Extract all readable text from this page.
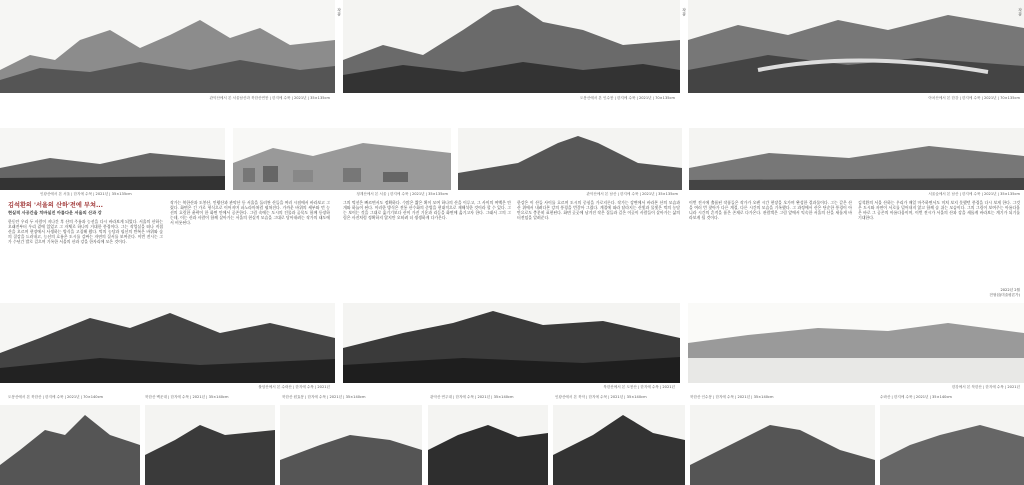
관악산에서 본 서울남산과 북한산연봉 | 한지에 수묵 | 2021년 | 35×135cm	도봉산에서 본 인수봉 | 한지에 수묵 | 2021년 | 70×135cm	아차산에서 본 한강 | 한지에 수묵 | 2021년 | 70×135cm
인왕산에서 본 서울 | 한지에 수묵 | 2021년 | 35×135cm	청계산에서 본 서울 | 한지에 수묵 | 2021년 | 35×135cm	관악산에서 본 남산 | 한지에 수묵 | 2021년 | 35×135cm	서울숲에서 본 남산 | 한지에 수묵 | 2021년 | 35×135cm
김석환의 '서울의 산하'전에 부쳐...
현실적 사공간을 치바실진 아름다운 서울의 산과 강

한동안 우리 두 사람이 지나간 후 산의 주름과 능선을 다시 바라보게 되었다. 서울의 산하는 오래전부터 우리 곁에 있었고 그 자체로 하나의 거대한 풍경이다. 그는 작업실을 떠나 직접 산을 오르며 현장에서 사생하는 방식을 고집해 왔다. 먹의 농담과 필선의 반복은 바위와 숲의 질감을 드러내고, 능선의 흐름은 도시를 감싸는 자연의 질서를 보여준다. 이번 전시는 그가 수년간 발로 걸으며 기록한 서울의 산과 강을 한자리에 모은 것이다.

작가는 북한산과 도봉산, 인왕산과 관악산 등 서울을 둘러싼 산들을 여러 시점에서 바라보고 그렸다. 화면은 긴 가로 형식으로 이어지며 파노라마처럼 펼쳐진다. 가까운 바위의 세부와 먼 능선의 흐릿한 윤곽이 한 화면 안에서 공존한다. 그림 속에는 도시의 건물과 골목도 함께 등장하는데, 이는 산과 사람이 함께 살아가는 서울의 현실적 모습을 그대로 담아내려는 작가의 태도에서 비롯된다.

그의 먹선은 빠르면서도 정확하다. 수많은 짧은 획이 모여 하나의 산을 이루고, 그 사이의 여백은 안개와 하늘이 된다. 이러한 방식은 전통 산수화의 준법을 현대적으로 재해석한 것이라 할 수 있다. 그는 보이는 것을 그대로 옮기기보다 산이 가진 기운과 리듬을 화면에 옮기고자 한다. 그래서 그의 그림은 사진처럼 정확하지 않지만 오히려 더 생생하게 다가온다.

한강은 이 산들 사이를 흐르며 도시의 중심을 가로지른다. 작가는 강변에서 바라본 산의 모습과 산 위에서 내려다본 강의 풍경을 번갈아 그렸다. 계절에 따라 달라지는 산빛과 물빛은 먹의 농담만으로도 충분히 표현된다. 화면 곳곳에 남겨진 작은 집들과 길은 이곳이 사람들이 살아가는 삶의 터전임을 알려준다.

이번 전시에 출품된 작품들은 작가가 오랜 시간 현장을 오가며 완성한 결과물이다. 그는 같은 산을 여러 번 찾아가 다른 계절, 다른 시간의 모습을 기록했다. 그 과정에서 산은 단순한 풍경이 아니라 시간의 흔적을 품은 존재로 다가온다. 관람객은 그림 앞에서 익숙한 서울의 산을 새롭게 바라보게 될 것이다.

김석환의 서울 산하는 우리가 매일 마주하면서도 미처 보지 못했던 풍경을 다시 보게 한다. 그것은 도시와 자연이 서로를 밀어내지 않고 함께 숨 쉬는 모습이다. 그의 그림이 보여주는 아름다움은 바로 그 공존의 아름다움이며, 이번 전시가 서울의 산과 강을 새롭게 바라보는 계기가 되기를 기대한다.

2022년 2월
전형섭(미술평론가)
불암산에서 본 수락산 | 한지에 수묵 | 2021년	북한산에서 본 도봉산 | 한지에 수묵 | 2021년	한강에서 본 북한산 | 한지에 수묵 | 2021년
도봉산에서 본 북한산 | 한지에 수묵 | 2021년 | 70×140cm	북한산 백운대 | 한지에 수묵 | 2021년 | 35×140cm	북한산 원효봉 | 한지에 수묵 | 2021년 | 35×140cm	관악산 연주대 | 한지에 수묵 | 2021년 | 35×140cm	인왕산에서 본 북악 | 한지에 수묵 | 2021년 | 35×140cm	북한산 인수봉 | 한지에 수묵 | 2021년 | 35×140cm	수락산 | 한지에 수묵 | 2021년 | 35×140cm
작품	작품	작품
